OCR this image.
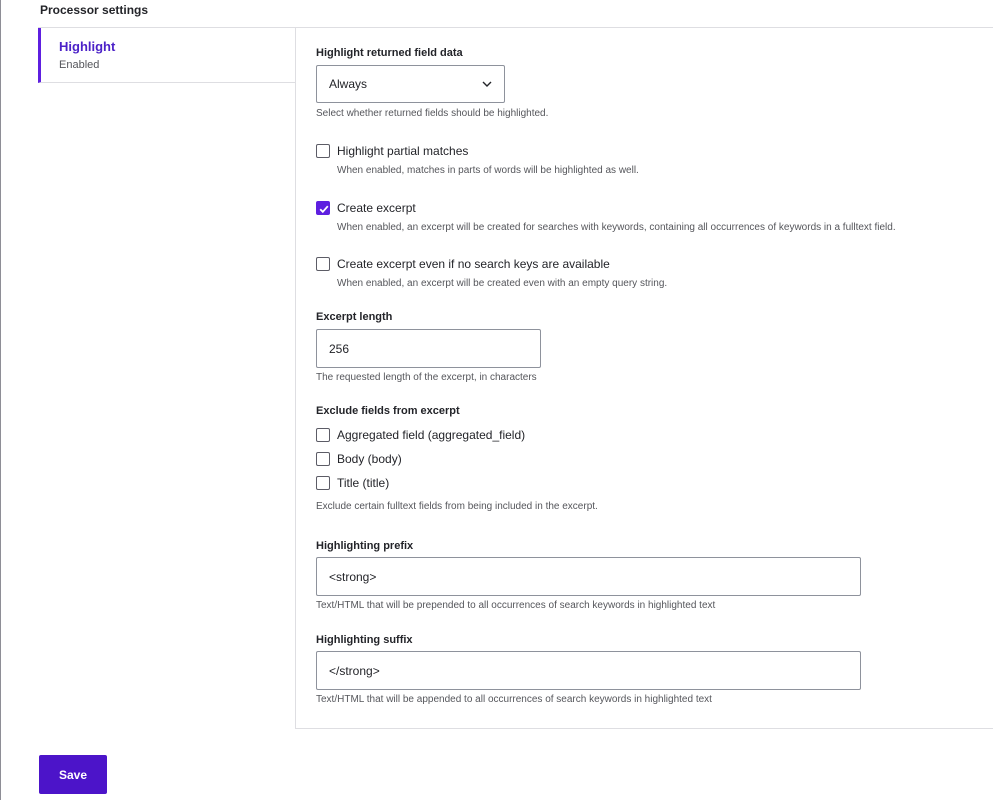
Processor settings
Highlight
Enabled
Highlight returned field data
Always
Select whether returned fields should be highlighted.
Highlight partial matches
When enabled, matches in parts of words will be highlighted as well.
Create excerpt
When enabled, an excerpt will be created for searches with keywords, containing all occurrences of keywords in a fulltext field.
Create excerpt even if no search keys are available
When enabled, an excerpt will be created even with an empty query string.
Excerpt length
256
The requested length of the excerpt, in characters
Exclude fields from excerpt
Aggregated field (aggregated_field)
Body (body)
Title (title)
Exclude certain fulltext fields from being included in the excerpt.
Highlighting prefix
<strong>
Text/HTML that will be prepended to all occurrences of search keywords in highlighted text
Highlighting suffix
</strong>
Text/HTML that will be appended to all occurrences of search keywords in highlighted text
Save
